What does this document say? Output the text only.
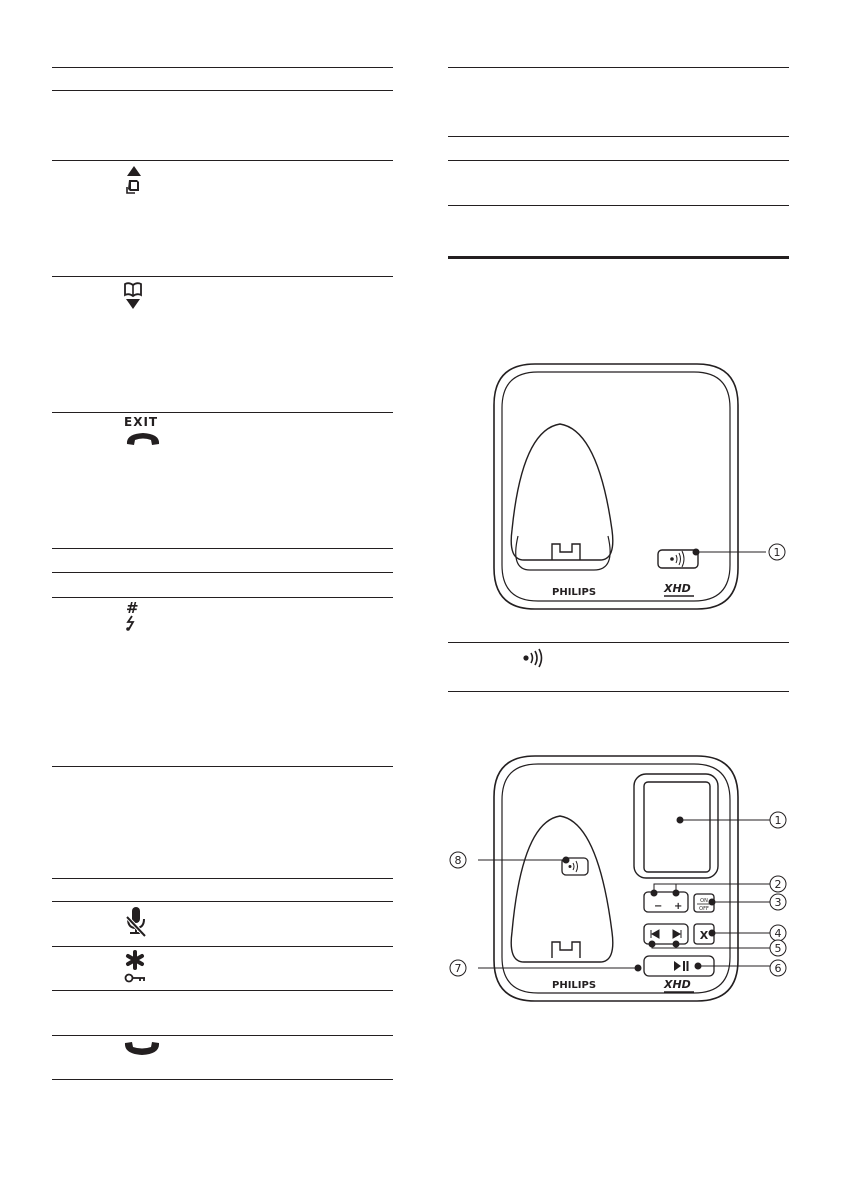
EXIT
#
1
PHILIPS	XHD
− +	ON
OFF
X
PHILIPS	XHD
1
2
3
4
5
6
7
8
